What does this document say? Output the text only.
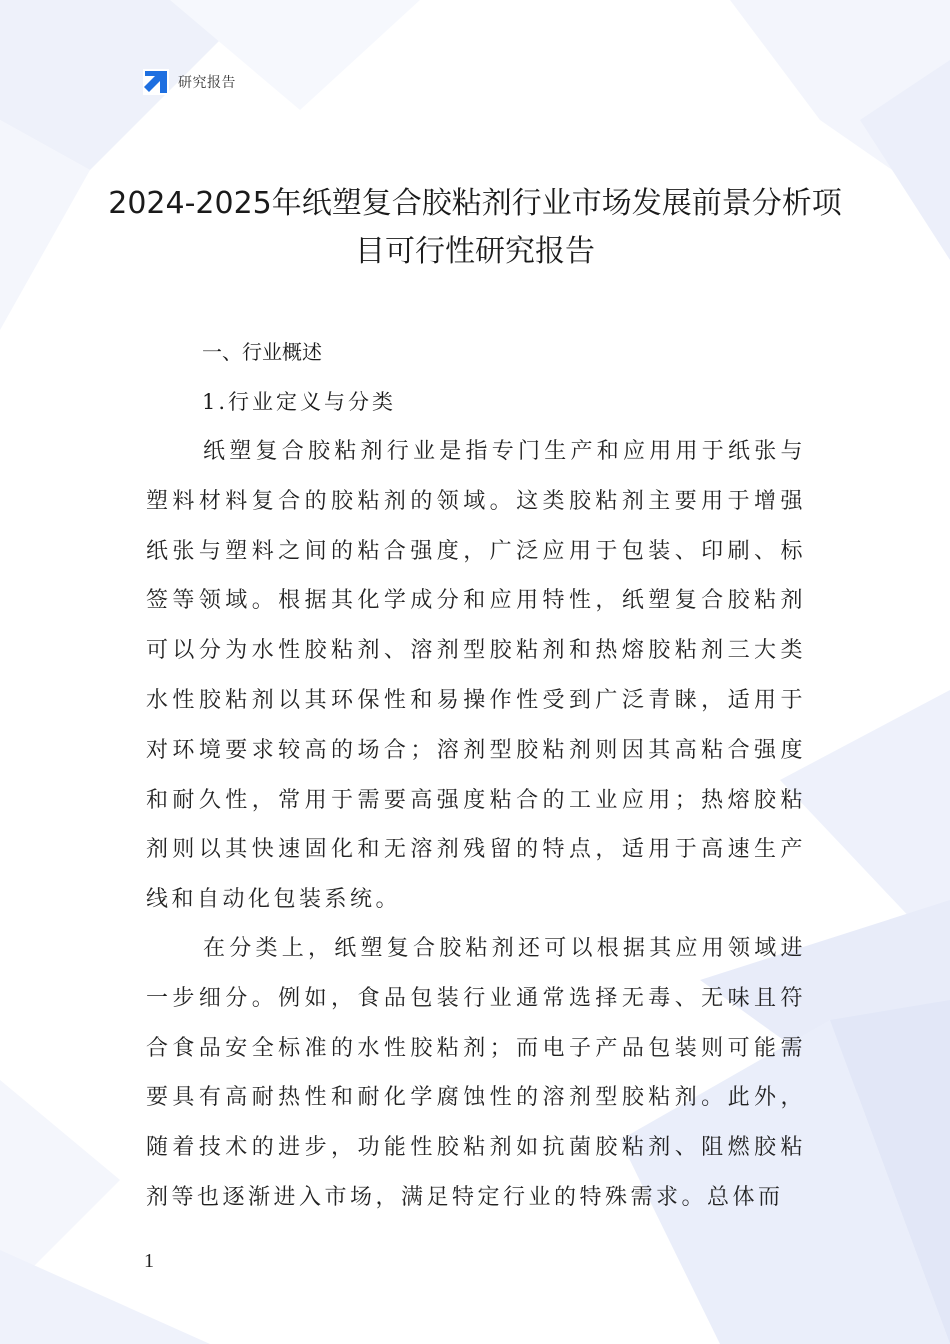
研究报告
2024-2025年纸塑复合胶粘剂行业市场发展前景分析项目可行性研究报告
一、行业概述
1.行业定义与分类

纸塑复合胶粘剂行业是指专门生产和应用用于纸张与塑料材料复合的胶粘剂的领域。这类胶粘剂主要用于增强纸张与塑料之间的粘合强度，广泛应用于包装、印刷、标签等领域。根据其化学成分和应用特性，纸塑复合胶粘剂可以分为水性胶粘剂、溶剂型胶粘剂和热熔胶粘剂三大类水性胶粘剂以其环保性和易操作性受到广泛青睐，适用于对环境要求较高的场合；溶剂型胶粘剂则因其高粘合强度和耐久性，常用于需要高强度粘合的工业应用；热熔胶粘剂则以其快速固化和无溶剂残留的特点，适用于高速生产线和自动化包装系统。

在分类上，纸塑复合胶粘剂还可以根据其应用领域进一步细分。例如，食品包装行业通常选择无毒、无味且符合食品安全标准的水性胶粘剂；而电子产品包装则可能需要具有高耐热性和耐化学腐蚀性的溶剂型胶粘剂。此外，随着技术的进步，功能性胶粘剂如抗菌胶粘剂、阻燃胶粘剂等也逐渐进入市场，满足特定行业的特殊需求。总体而

1
